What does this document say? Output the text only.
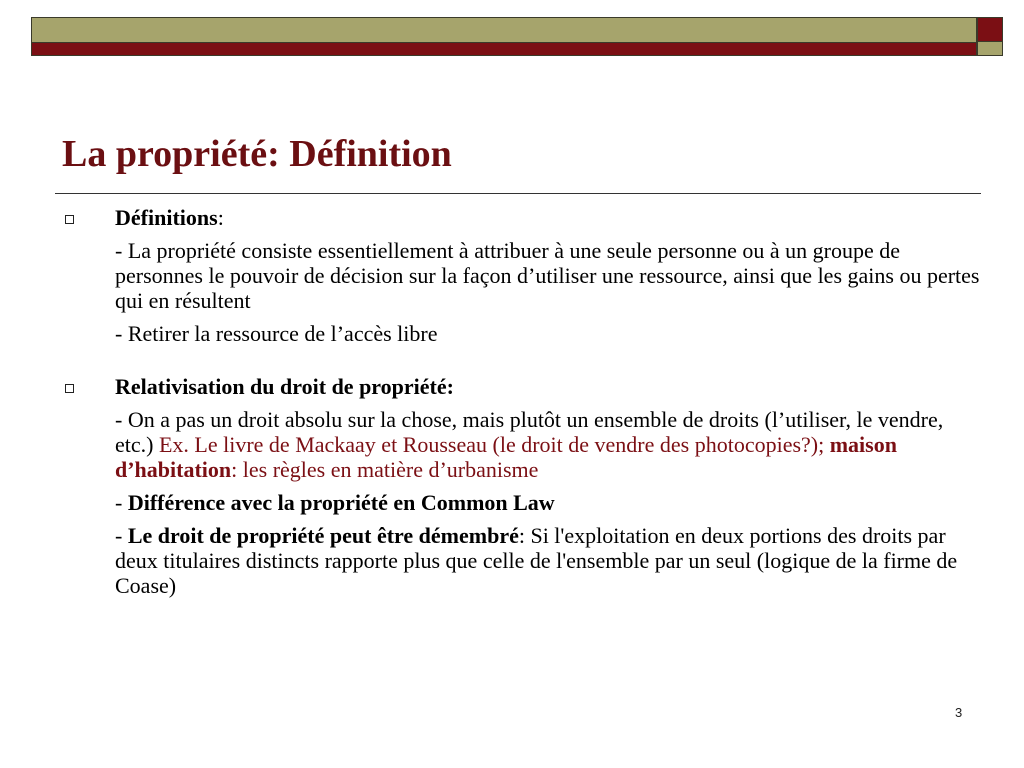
La propriété: Définition
Définitions:

- La propriété consiste essentiellement à attribuer à une seule personne ou à un groupe de personnes le pouvoir de décision sur la façon d’utiliser une ressource, ainsi que les gains ou pertes qui en résultent

- Retirer la ressource de l’accès libre

Relativisation du droit de propriété:

- On a pas un droit absolu sur la chose, mais plutôt un ensemble de droits (l’utiliser, le vendre, etc.) Ex. Le livre de Mackaay et Rousseau (le droit de vendre des photocopies?); maison d’habitation: les règles en matière d’urbanisme

- Différence avec la propriété en Common Law

- Le droit de propriété peut être démembré: Si l'exploitation en deux portions des droits par deux titulaires distincts rapporte plus que celle de l'ensemble par un seul (logique de la firme de Coase)

3
